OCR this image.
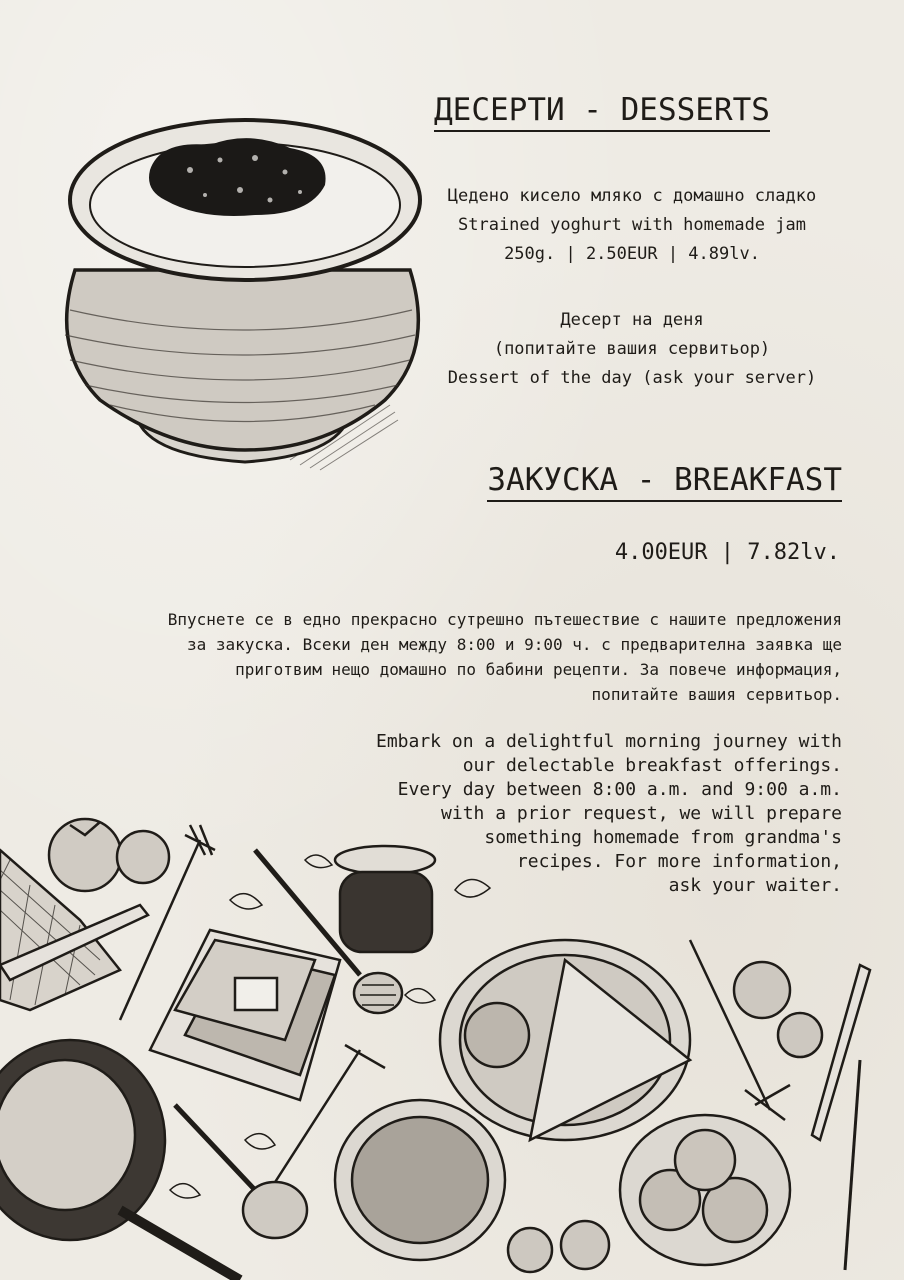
ДЕСЕРТИ - DESSERTS
Цедено кисело мляко с домашно сладко
Strained yoghurt with homemade jam
250g. | 2.50EUR | 4.89lv.
Десерт на деня
(попитайте вашия сервитьор)
Dessert of the day (ask your server)
ЗАКУСКА - BREAKFAST
4.00EUR | 7.82lv.
Впуснете се в едно прекрасно сутрешно пътешествие с нашите предложения
за закуска. Всеки ден между 8:00 и 9:00 ч. с предварителна заявка ще
приготвим нещо домашно по бабини рецепти. За повече информация,
попитайте вашия сервитьор.
Embark on a delightful morning journey with
our delectable breakfast offerings.
Every day between 8:00 a.m. and 9:00 a.m.
with a prior request, we will prepare
something homemade from grandma's
recipes. For more information,
ask your waiter.
